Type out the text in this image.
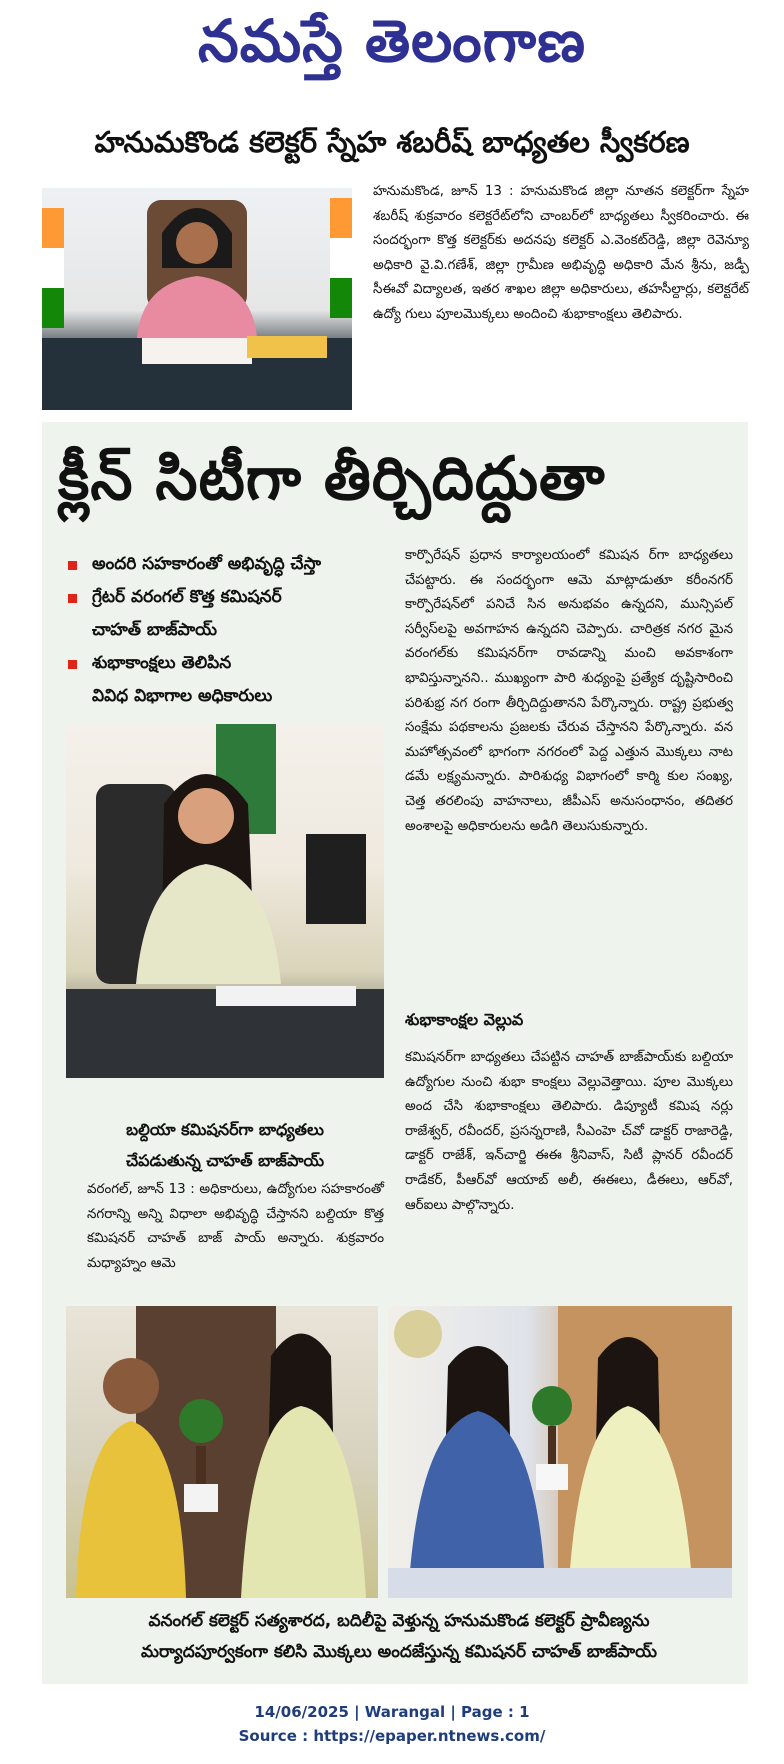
నమస్తే తెలంగాణ
హనుమకొండ కలెక్టర్ స్నేహ శబరీష్ బాధ్యతల స్వీకరణ
హనుమకొండ, జూన్ 13 : హనుమకొండ జిల్లా నూతన కలెక్టర్‌గా స్నేహ శబరీష్ శుక్రవారం కలెక్టరేట్‌లోని చాంబర్‌లో బాధ్యతలు స్వీకరించారు. ఈ సందర్భంగా కొత్త కలెక్టర్‌కు అదనపు కలెక్టర్ ఎ.వెంకట్‌రెడ్డి, జిల్లా రెవెన్యూ అధికారి వై.వి.గణేశ్, జిల్లా గ్రామీణ అభివృద్ధి అధికారి మేన శ్రీను, జడ్పీ సీఈవో విద్యాలత, ఇతర శాఖల జిల్లా అధికారులు, తహసీల్దార్లు, కలెక్టరేట్ ఉద్యో గులు పూలమొక్కలు అందించి శుభాకాంక్షలు తెలిపారు.
క్లీన్ సిటీగా తీర్చిదిద్దుతా
అందరి సహకారంతో అభివృద్ధి చేస్తా
గ్రేటర్ వరంగల్ కొత్త కమిషనర్
చాహత్ బాజ్‌పాయ్
శుభాకాంక్షలు తెలిపిన
వివిధ విభాగాల అధికారులు
బల్దియా కమిషనర్‌గా బాధ్యతలు
చేపడుతున్న చాహత్ బాజ్‌పాయ్
వరంగల్, జూన్ 13 : అధికారులు, ఉద్యోగుల సహకారంతో నగరాన్ని అన్ని విధాలా అభివృద్ధి చేస్తానని బల్దియా కొత్త కమిషనర్ చాహత్ బాజ్ పాయ్ అన్నారు. శుక్రవారం మధ్యాహ్నం ఆమె
కార్పొరేషన్ ప్రధాన కార్యాలయంలో కమిషన ర్‌గా బాధ్యతలు చేపట్టారు. ఈ సందర్భంగా ఆమె మాట్లాడుతూ కరీంనగర్ కార్పొరేషన్‌లో పనిచే సిన అనుభవం ఉన్నదని, మున్సిపల్ సర్వీస్‌లపై అవగాహన ఉన్నదని చెప్పారు. చారిత్రక నగర మైన వరంగల్‌కు కమిషనర్‌గా రావడాన్ని మంచి అవకాశంగా భావిస్తున్నానని.. ముఖ్యంగా పారి శుధ్యంపై ప్రత్యేక దృష్టిసారించి పరిశుభ్ర నగ రంగా తీర్చిదిద్దుతానని పేర్కొన్నారు. రాష్ట్ర ప్రభుత్వ సంక్షేమ పథకాలను ప్రజలకు చేరువ చేస్తానని పేర్కొన్నారు. వన మహోత్సవంలో భాగంగా నగరంలో పెద్ద ఎత్తున మొక్కలు నాట డమే లక్ష్యమన్నారు. పారిశుధ్య విభాగంలో కార్మి కుల సంఖ్య, చెత్త తరలింపు వాహనాలు, జీపీఎస్ అనుసంధానం, తదితర అంశాలపై అధికారులను అడిగి తెలుసుకున్నారు.
శుభాకాంక్షల వెల్లువ
కమిషనర్‌గా బాధ్యతలు చేపట్టిన చాహత్ బాజ్‌పాయ్‌కు బల్దియా ఉద్యోగుల నుంచి శుభా కాంక్షలు వెల్లువెత్తాయి. పూల మొక్కలు అంద చేసి శుభాకాంక్షలు తెలిపారు. డిప్యూటీ కమిష నర్లు రాజేశ్వర్, రవీందర్, ప్రసన్నరాణి, సీఎంహె చ్‌వో డాక్టర్ రాజారెడ్డి, డాక్టర్ రాజేశ్, ఇన్‌చార్జి ఈఈ శ్రీనివాస్, సిటీ ప్లానర్ రవీందర్ రాడేకర్, పీఆర్‌వో ఆయాబ్ అలీ, ఈఈలు, డీఈలు, ఆర్‌వో, ఆర్‌ఐలు పాల్గొన్నారు.
వనంగల్ కలెక్టర్ సత్యశారద, బదిలీపై వెళ్తున్న హనుమకొండ కలెక్టర్ ప్రావీణ్యను
మర్యాదపూర్వకంగా కలిసి మొక్కలు అందజేస్తున్న కమిషనర్ చాహత్ బాజ్‌పాయ్
14/06/2025 | Warangal | Page : 1
Source : https://epaper.ntnews.com/
